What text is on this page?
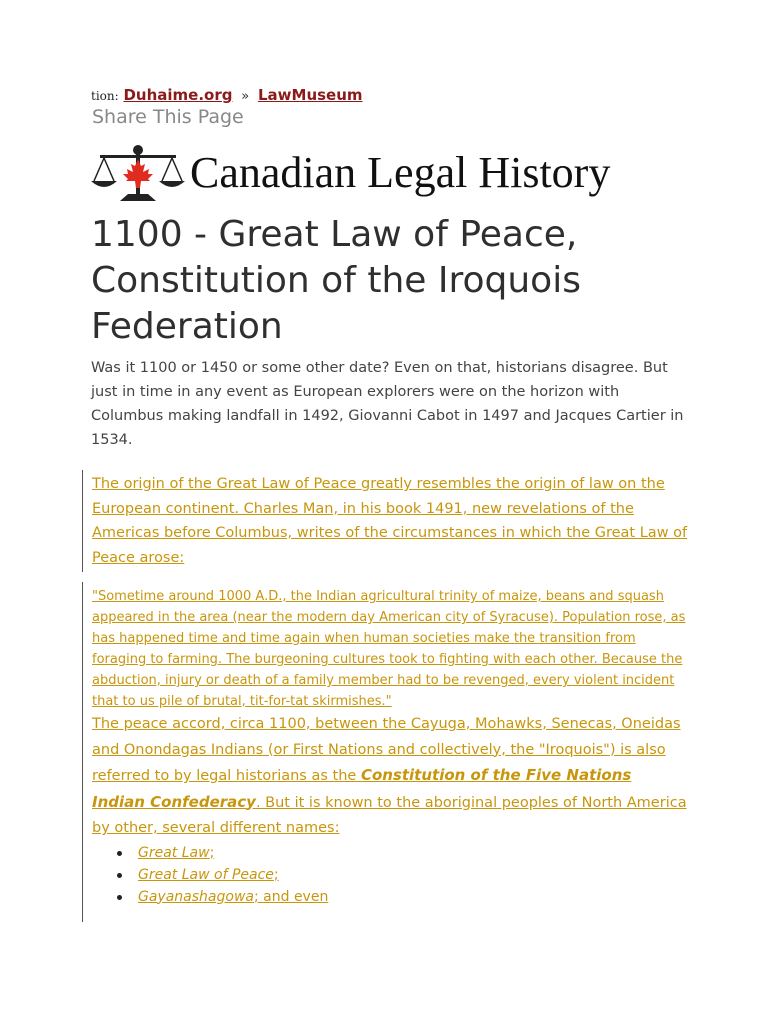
tion: Duhaime.org » LawMuseum
Share This Page
Canadian Legal History
1100 - Great Law of Peace, Constitution of the Iroquois Federation

Was it 1100 or 1450 or some other date? Even on that, historians disagree. But just in time in any event as European explorers were on the horizon with Columbus making landfall in 1492, Giovanni Cabot in 1497 and Jacques Cartier in 1534.

The origin of the Great Law of Peace greatly resembles the origin of law on the European continent. Charles Man, in his book 1491, new revelations of the Americas before Columbus, writes of the circumstances in which the Great Law of Peace arose:

"Sometime around 1000 A.D., the Indian agricultural trinity of maize, beans and squash appeared in the area (near the modern day American city of Syracuse). Population rose, as has happened time and time again when human societies make the transition from foraging to farming. The burgeoning cultures took to fighting with each other. Because the abduction, injury or death of a family member had to be revenged, every violent incident that to us pile of brutal, tit-for-tat skirmishes."

The peace accord, circa 1100, between the Cayuga, Mohawks, Senecas, Oneidas and Onondagas Indians (or First Nations and collectively, the "Iroquois") is also referred to by legal historians as the Constitution of the Five Nations Indian Confederacy. But it is known to the aboriginal peoples of North America by other, several different names:

Great Law;
Great Law of Peace;
Gayanashagowa; and even
